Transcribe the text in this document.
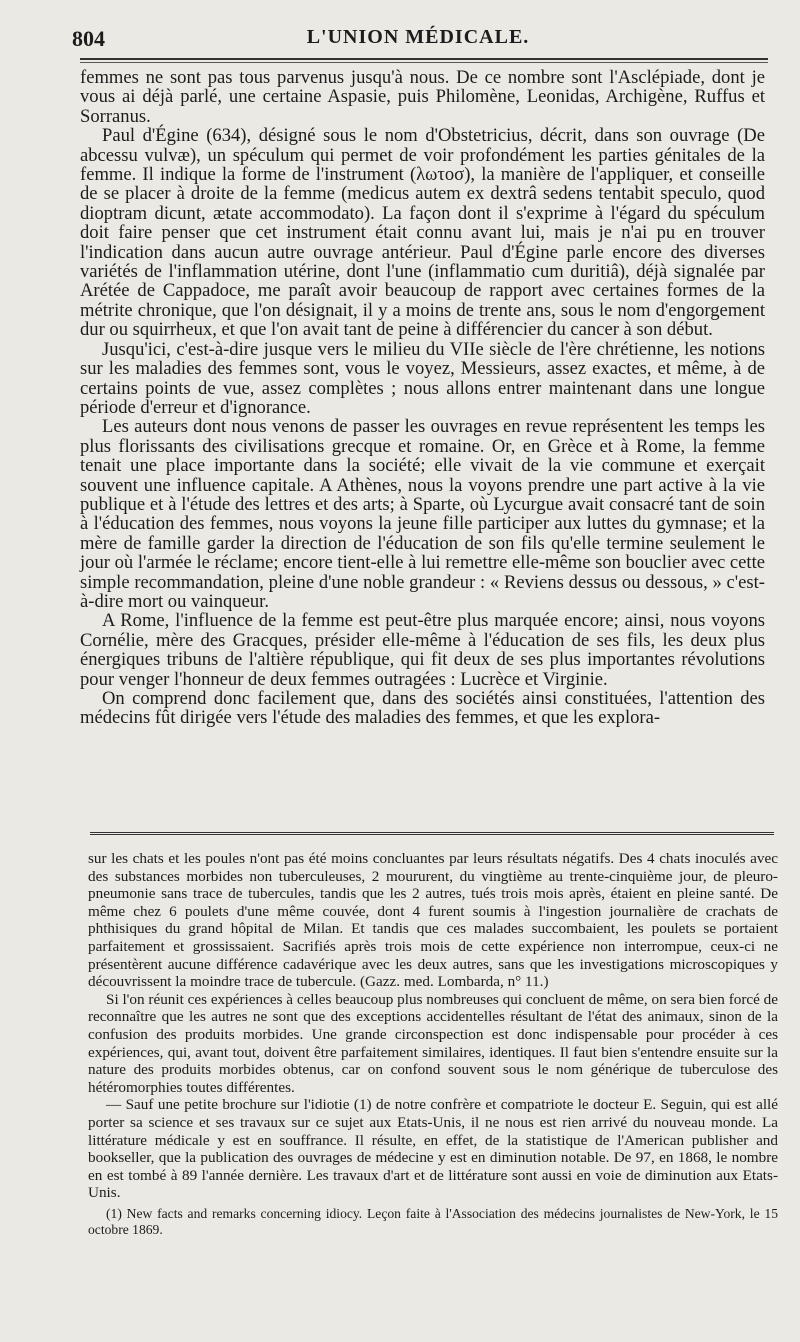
804	L'UNION MÉDICALE.

femmes ne sont pas tous parvenus jusqu'à nous. De ce nombre sont l'Asclépiade, dont je vous ai déjà parlé, une certaine Aspasie, puis Philomène, Leonidas, Archigène, Ruffus et Sorranus.

Paul d'Égine (634), désigné sous le nom d'Obstetricius, décrit, dans son ouvrage (De abcessu vulvæ), un spéculum qui permet de voir profondément les parties génitales de la femme. Il indique la forme de l'instrument (λωτοσ), la manière de l'appliquer, et conseille de se placer à droite de la femme (medicus autem ex dextrâ sedens tentabit speculo, quod dioptram dicunt, ætate accommodato). La façon dont il s'exprime à l'égard du spéculum doit faire penser que cet instrument était connu avant lui, mais je n'ai pu en trouver l'indication dans aucun autre ouvrage antérieur. Paul d'Égine parle encore des diverses variétés de l'inflammation utérine, dont l'une (inflammatio cum duritiâ), déjà signalée par Arétée de Cappadoce, me paraît avoir beaucoup de rapport avec certaines formes de la métrite chronique, que l'on désignait, il y a moins de trente ans, sous le nom d'engorgement dur ou squirrheux, et que l'on avait tant de peine à différencier du cancer à son début.

Jusqu'ici, c'est-à-dire jusque vers le milieu du VIIe siècle de l'ère chrétienne, les notions sur les maladies des femmes sont, vous le voyez, Messieurs, assez exactes, et même, à de certains points de vue, assez complètes ; nous allons entrer maintenant dans une longue période d'erreur et d'ignorance.

Les auteurs dont nous venons de passer les ouvrages en revue représentent les temps les plus florissants des civilisations grecque et romaine. Or, en Grèce et à Rome, la femme tenait une place importante dans la société; elle vivait de la vie commune et exerçait souvent une influence capitale. A Athènes, nous la voyons prendre une part active à la vie publique et à l'étude des lettres et des arts; à Sparte, où Lycurgue avait consacré tant de soin à l'éducation des femmes, nous voyons la jeune fille participer aux luttes du gymnase; et la mère de famille garder la direction de l'éducation de son fils qu'elle termine seulement le jour où l'armée le réclame; encore tient-elle à lui remettre elle-même son bouclier avec cette simple recommandation, pleine d'une noble grandeur : « Reviens dessus ou dessous, » c'est-à-dire mort ou vainqueur.

A Rome, l'influence de la femme est peut-être plus marquée encore; ainsi, nous voyons Cornélie, mère des Gracques, présider elle-même à l'éducation de ses fils, les deux plus énergiques tribuns de l'altière république, qui fit deux de ses plus importantes révolutions pour venger l'honneur de deux femmes outragées : Lucrèce et Virginie.

On comprend donc facilement que, dans des sociétés ainsi constituées, l'attention des médecins fût dirigée vers l'étude des maladies des femmes, et que les explora-

sur les chats et les poules n'ont pas été moins concluantes par leurs résultats négatifs. Des 4 chats inoculés avec des substances morbides non tuberculeuses, 2 moururent, du vingtième au trente-cinquième jour, de pleuro-pneumonie sans trace de tubercules, tandis que les 2 autres, tués trois mois après, étaient en pleine santé. De même chez 6 poulets d'une même couvée, dont 4 furent soumis à l'ingestion journalière de crachats de phthisiques du grand hôpital de Milan. Et tandis que ces malades succombaient, les poulets se portaient parfaitement et grossissaient. Sacrifiés après trois mois de cette expérience non interrompue, ceux-ci ne présentèrent aucune différence cadavérique avec les deux autres, sans que les investigations microscopiques y découvrissent la moindre trace de tubercule. (Gazz. med. Lombarda, n° 11.)

Si l'on réunit ces expériences à celles beaucoup plus nombreuses qui concluent de même, on sera bien forcé de reconnaître que les autres ne sont que des exceptions accidentelles résultant de l'état des animaux, sinon de la confusion des produits morbides. Une grande circonspection est donc indispensable pour procéder à ces expériences, qui, avant tout, doivent être parfaitement similaires, identiques. Il faut bien s'entendre ensuite sur la nature des produits morbides obtenus, car on confond souvent sous le nom générique de tuberculose des hétéromorphies toutes différentes.

— Sauf une petite brochure sur l'idiotie (1) de notre confrère et compatriote le docteur E. Seguin, qui est allé porter sa science et ses travaux sur ce sujet aux Etats-Unis, il ne nous est rien arrivé du nouveau monde. La littérature médicale y est en souffrance. Il résulte, en effet, de la statistique de l'American publisher and bookseller, que la publication des ouvrages de médecine y est en diminution notable. De 97, en 1868, le nombre en est tombé à 89 l'année dernière. Les travaux d'art et de littérature sont aussi en voie de diminution aux Etats-Unis.

(1) New facts and remarks concerning idiocy. Leçon faite à l'Association des médecins journalistes de New-York, le 15 octobre 1869.
